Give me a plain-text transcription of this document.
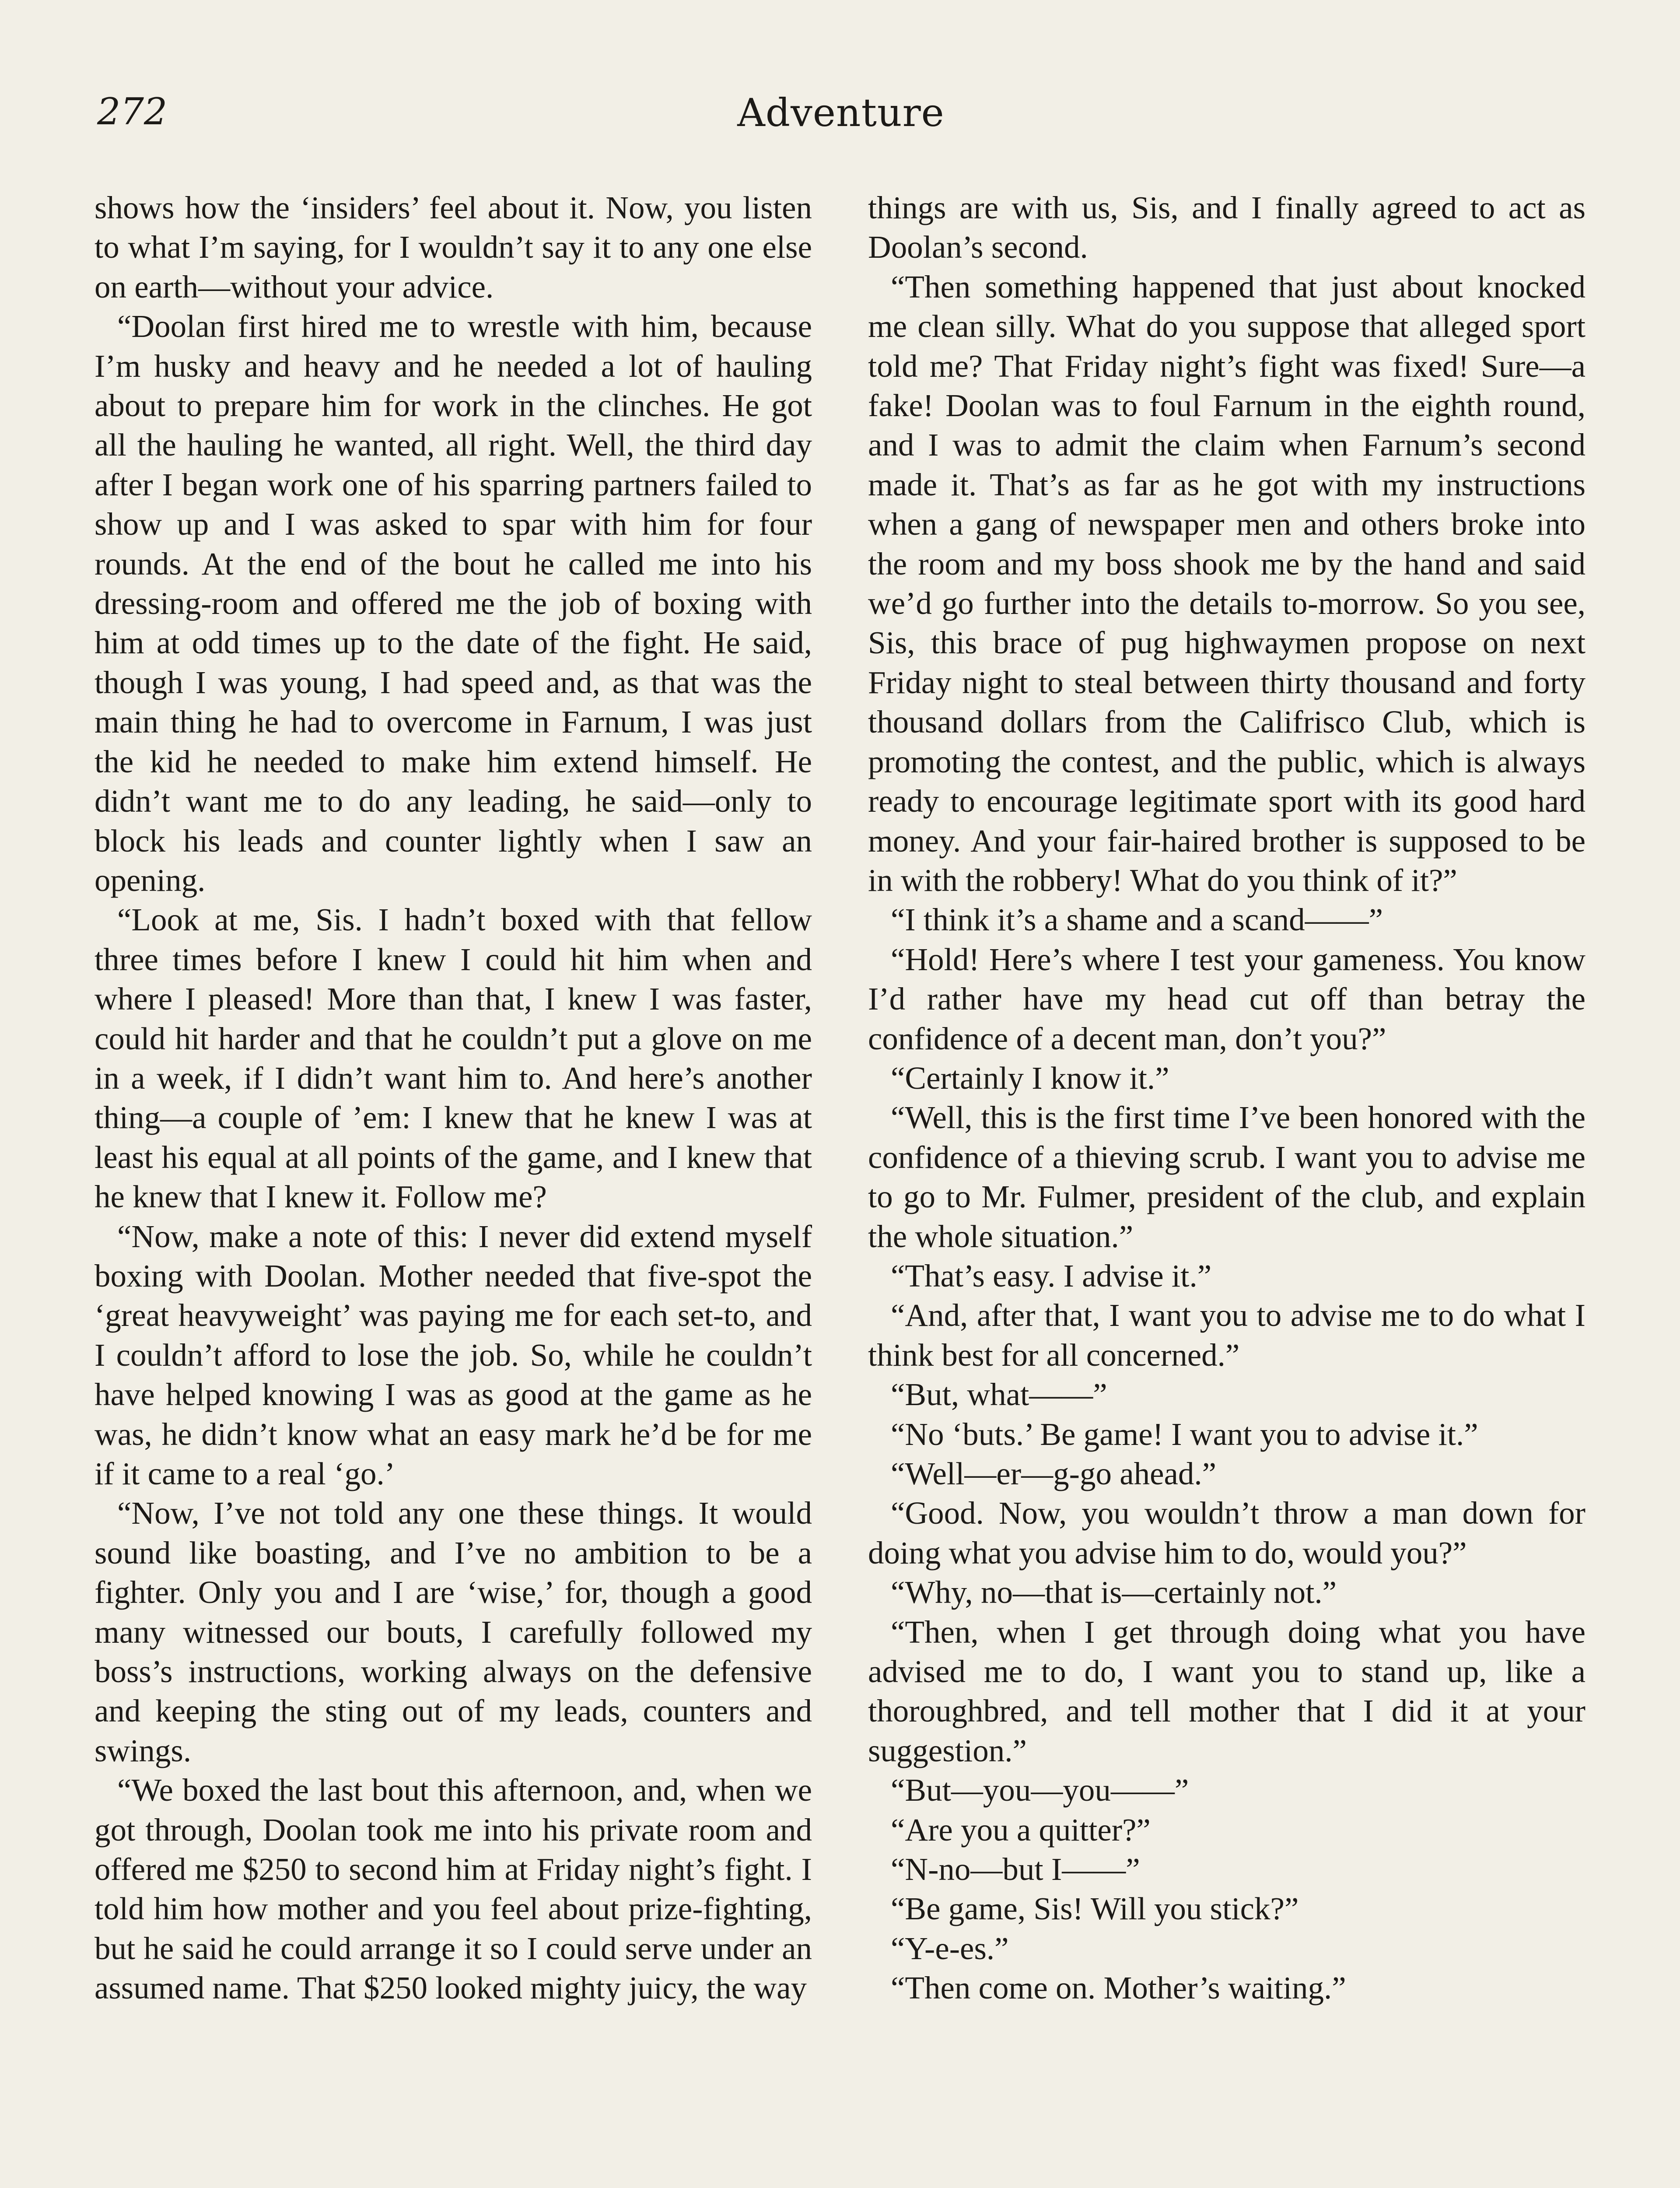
272	Adventure

shows how the ‘insiders’ feel about it. Now, you listen to what I’m saying, for I wouldn’t say it to any one else on earth—without your advice.

“Doolan first hired me to wrestle with him, because I’m husky and heavy and he needed a lot of hauling about to prepare him for work in the clinches. He got all the hauling he wanted, all right. Well, the third day after I began work one of his sparring partners failed to show up and I was asked to spar with him for four rounds. At the end of the bout he called me into his dressing-room and offered me the job of boxing with him at odd times up to the date of the fight. He said, though I was young, I had speed and, as that was the main thing he had to overcome in Farnum, I was just the kid he needed to make him extend himself. He didn’t want me to do any leading, he said—only to block his leads and counter lightly when I saw an opening.

“Look at me, Sis. I hadn’t boxed with that fellow three times before I knew I could hit him when and where I pleased! More than that, I knew I was faster, could hit harder and that he couldn’t put a glove on me in a week, if I didn’t want him to. And here’s another thing—a couple of ’em: I knew that he knew I was at least his equal at all points of the game, and I knew that he knew that I knew it. Follow me?

“Now, make a note of this: I never did extend myself boxing with Doolan. Mother needed that five-spot the ‘great heavyweight’ was paying me for each set-to, and I couldn’t afford to lose the job. So, while he couldn’t have helped knowing I was as good at the game as he was, he didn’t know what an easy mark he’d be for me if it came to a real ‘go.’

“Now, I’ve not told any one these things. It would sound like boasting, and I’ve no ambition to be a fighter. Only you and I are ‘wise,’ for, though a good many witnessed our bouts, I carefully followed my boss’s instructions, working always on the defensive and keeping the sting out of my leads, counters and swings.

“We boxed the last bout this afternoon, and, when we got through, Doolan took me into his private room and offered me $250 to second him at Friday night’s fight. I told him how mother and you feel about prize-fighting, but he said he could arrange it so I could serve under an assumed name. That $250 looked mighty juicy, the way

things are with us, Sis, and I finally agreed to act as Doolan’s second.

“Then something happened that just about knocked me clean silly. What do you suppose that alleged sport told me? That Friday night’s fight was fixed! Sure—a fake! Doolan was to foul Farnum in the eighth round, and I was to admit the claim when Farnum’s second made it. That’s as far as he got with my instructions when a gang of newspaper men and others broke into the room and my boss shook me by the hand and said we’d go further into the details to-morrow. So you see, Sis, this brace of pug highwaymen propose on next Friday night to steal between thirty thousand and forty thousand dollars from the Califrisco Club, which is promoting the contest, and the public, which is always ready to encourage legitimate sport with its good hard money. And your fair-haired brother is supposed to be in with the robbery! What do you think of it?”

“I think it’s a shame and a scand——”

“Hold! Here’s where I test your gameness. You know I’d rather have my head cut off than betray the confidence of a decent man, don’t you?”

“Certainly I know it.”

“Well, this is the first time I’ve been honored with the confidence of a thieving scrub. I want you to advise me to go to Mr. Fulmer, president of the club, and explain the whole situation.”

“That’s easy. I advise it.”

“And, after that, I want you to advise me to do what I think best for all concerned.”

“But, what——”

“No ‘buts.’ Be game! I want you to advise it.”

“Well—er—g-go ahead.”

“Good. Now, you wouldn’t throw a man down for doing what you advise him to do, would you?”

“Why, no—that is—certainly not.”

“Then, when I get through doing what you have advised me to do, I want you to stand up, like a thoroughbred, and tell mother that I did it at your suggestion.”

“But—you—you——”

“Are you a quitter?”

“N-no—but I——”

“Be game, Sis! Will you stick?”

“Y-e-es.”

“Then come on. Mother’s waiting.”
